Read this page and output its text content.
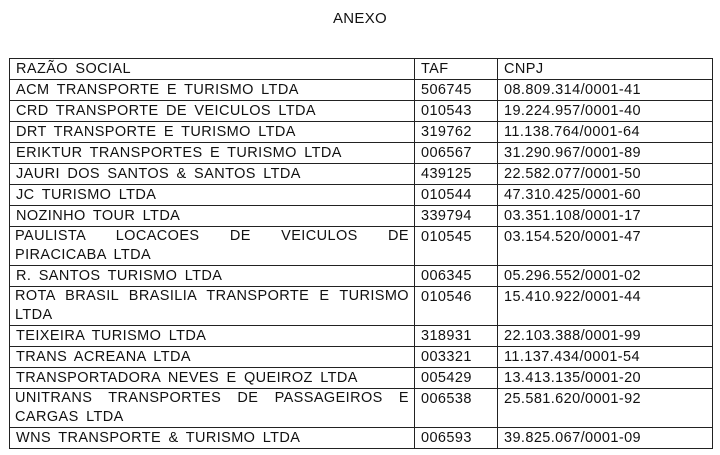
ANEXO
RAZÃO SOCIAL	TAF	CNPJ
ACM TRANSPORTE E TURISMO LTDA	506745	08.809.314/0001-41
CRD TRANSPORTE DE VEICULOS LTDA	010543	19.224.957/0001-40
DRT TRANSPORTE E TURISMO LTDA	319762	11.138.764/0001-64
ERIKTUR TRANSPORTES E TURISMO LTDA	006567	31.290.967/0001-89
JAURI DOS SANTOS & SANTOS LTDA	439125	22.582.077/0001-50
JC TURISMO LTDA	010544	47.310.425/0001-60
NOZINHO TOUR LTDA	339794	03.351.108/0001-17
PAULISTA LOCACOES DE VEICULOS DE PIRACICABA LTDA	010545	03.154.520/0001-47
R. SANTOS TURISMO LTDA	006345	05.296.552/0001-02
ROTA BRASIL BRASILIA TRANSPORTE E TURISMO LTDA	010546	15.410.922/0001-44
TEIXEIRA TURISMO LTDA	318931	22.103.388/0001-99
TRANS ACREANA LTDA	003321	11.137.434/0001-54
TRANSPORTADORA NEVES E QUEIROZ LTDA	005429	13.413.135/0001-20
UNITRANS TRANSPORTES DE PASSAGEIROS E CARGAS LTDA	006538	25.581.620/0001-92
WNS TRANSPORTE & TURISMO LTDA	006593	39.825.067/0001-09
